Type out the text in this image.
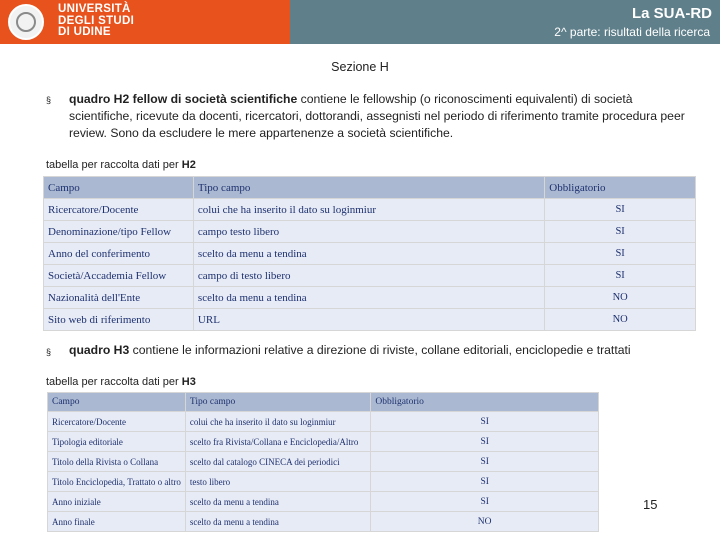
UNIVERSITÀ
DEGLI STUDI
DI UDINE
La SUA-RD
2^ parte: risultati della ricerca
Sezione H
§ quadro H2 fellow di società scientifiche contiene le fellowship (o riconoscimenti equivalenti) di società scientifiche, ricevute da docenti, ricercatori, dottorandi, assegnisti nel periodo di riferimento tramite procedura peer review. Sono da escludere le mere appartenenze a società scientifiche.
tabella per raccolta dati per H2
Campo	Tipo campo	Obbligatorio
Ricercatore/Docente	colui che ha inserito il dato su loginmiur	SI
Denominazione/tipo Fellow	campo testo libero	SI
Anno del conferimento	scelto da menu a tendina	SI
Società/Accademia Fellow	campo di testo libero	SI
Nazionalità dell'Ente	scelto da menu a tendina	NO
Sito web di riferimento	URL	NO
§ quadro H3 contiene le informazioni relative a direzione di riviste, collane editoriali, enciclopedie e trattati
tabella per raccolta dati per H3
Campo	Tipo campo	Obbligatorio
Ricercatore/Docente	colui che ha inserito il dato su loginmiur	SI
Tipologia editoriale	scelto fra Rivista/Collana e Enciclopedia/Altro	SI
Titolo della Rivista o Collana	scelto dal catalogo CINECA dei periodici	SI
Titolo Enciclopedia, Trattato o altro	testo libero	SI
Anno iniziale	scelto da menu a tendina	SI
Anno finale	scelto da menu a tendina	NO
15
